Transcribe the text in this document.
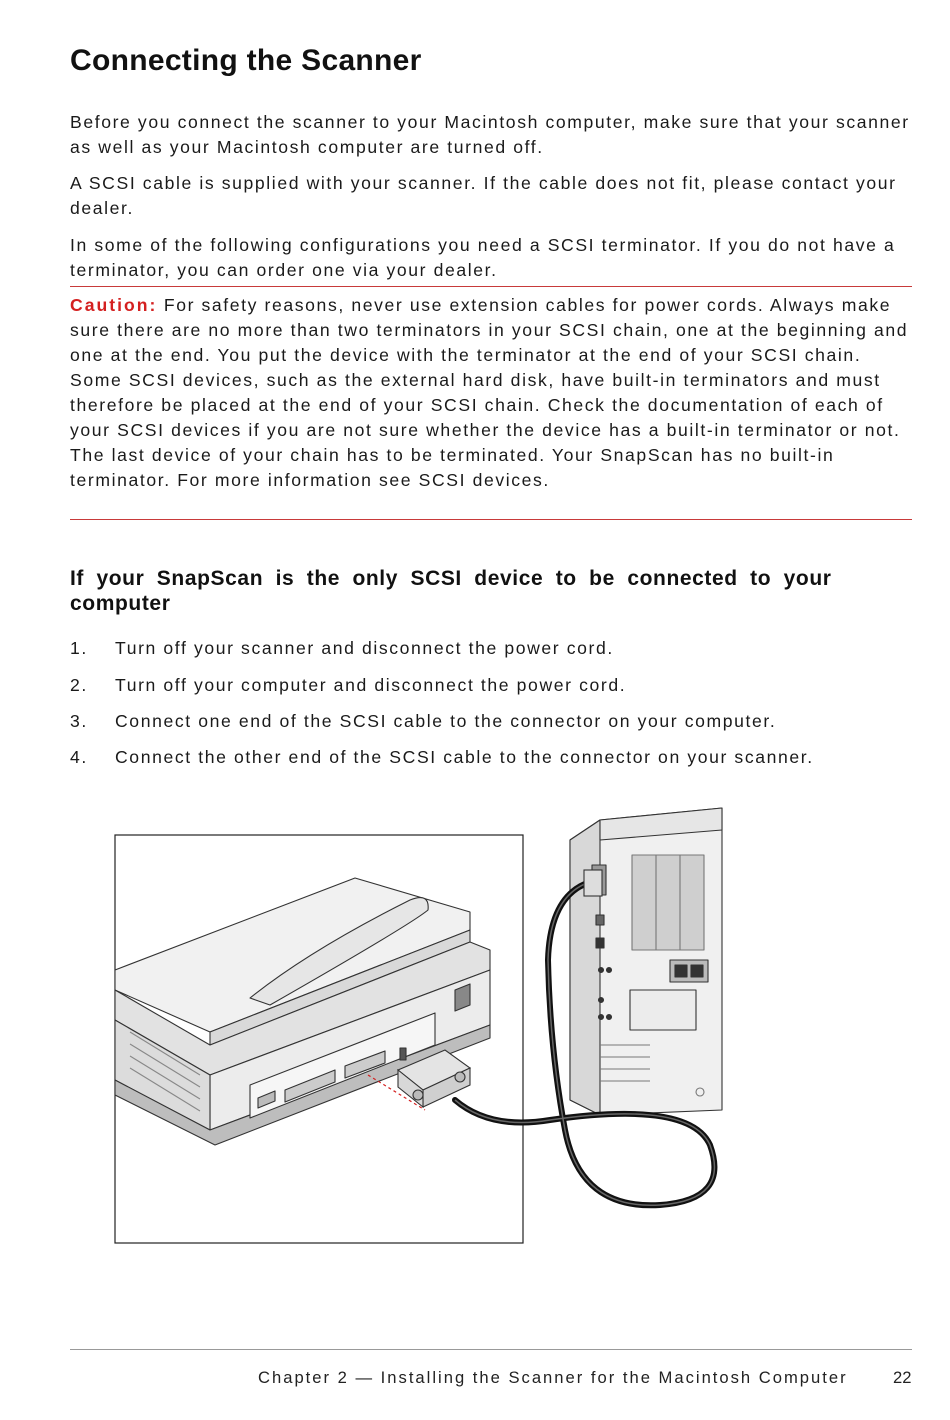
Connecting the Scanner

Before you connect the scanner to your Macintosh computer, make sure that your scanner as well as your Macintosh computer are turned off.

A SCSI cable is supplied with your scanner. If the cable does not fit, please contact your dealer.

In some of the following configurations you need a SCSI terminator. If you do not have a terminator, you can order one via your dealer.

Caution: For safety reasons, never use extension cables for power cords. Always make sure there are no more than two terminators in your SCSI chain, one at the beginning and one at the end. You put the device with the terminator at the end of your SCSI chain. Some SCSI devices, such as the external hard disk, have built-in terminators and must therefore be placed at the end of your SCSI chain. Check the documentation of each of your SCSI devices if you are not sure whether the device has a built-in terminator or not. The last device of your chain has to be terminated. Your SnapScan has no built-in terminator. For more information see SCSI devices.

If your SnapScan is the only SCSI device to be connected to your computer
1. Turn off your scanner and disconnect the power cord.
2. Turn off your computer and disconnect the power cord.
3. Connect one end of the SCSI cable to the connector on your computer.
4. Connect the other end of the SCSI cable to the connector on your scanner.
Chapter 2 — Installing the Scanner for the Macintosh Computer	22
